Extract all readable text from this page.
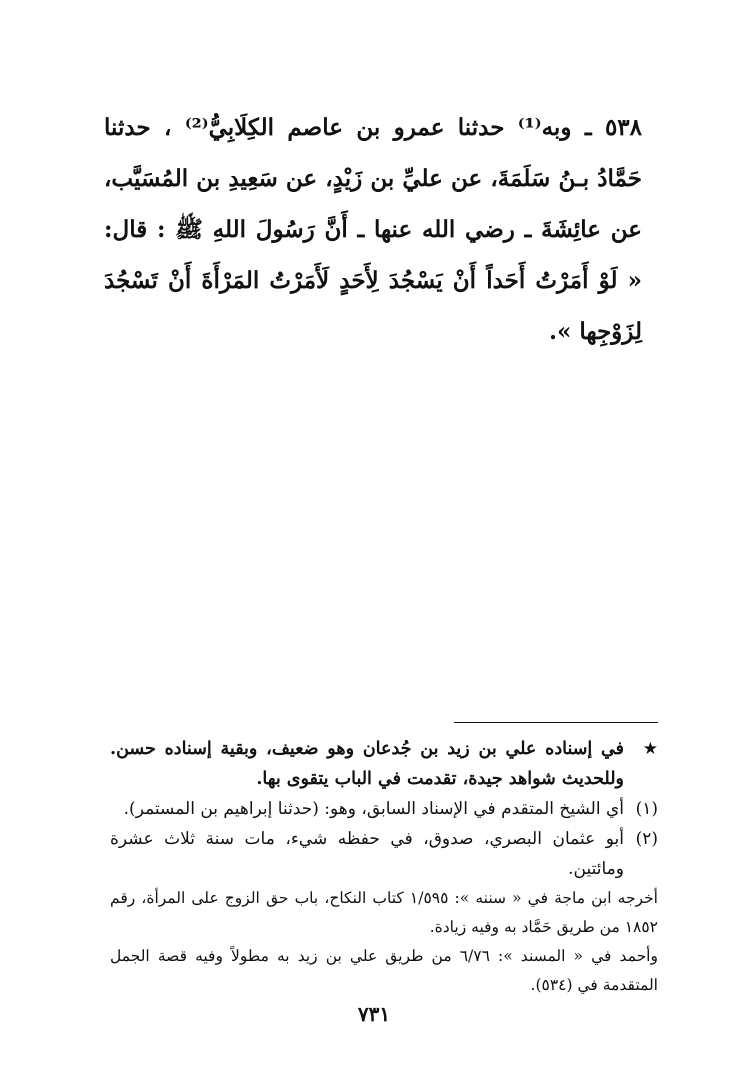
٥٣٨ ـ وبه⁽¹⁾ حدثنا عمرو بن عاصم الكِلَابِيُّ⁽²⁾ ، حدثنا حَمَّادُ بـنُ سَلَمَةَ، عن عليِّ بن زَيْدٍ، عن سَعِيدِ بن المُسَيَّب، عن عائِشَةَ ـ رضي الله عنها ـ أَنَّ رَسُولَ اللهِ ﷺ : قال: « لَوْ أَمَرْتُ أَحَداً أَنْ يَسْجُدَ لِأَحَدٍ لَأَمَرْتُ المَرْأَةَ أَنْ تَسْجُدَ لِزَوْجِها ».

★

في إسناده علي بن زيد بن جُدعان وهو ضعيف، وبقية إسناده حسن. وللحديث شواهد جيدة، تقدمت في الباب يتقوى بها.

(١)

أي الشيخ المتقدم في الإسناد السابق، وهو: (حدثنا إبراهيم بن المستمر).

(٢)

أبو عثمان البصري، صدوق، في حفظه شيء، مات سنة ثلاث عشرة ومائتين.

أخرجه ابن ماجة في « سننه »: ١/٥٩٥ كتاب النكاح، باب حق الزوج على المرأة، رقم ١٨٥٢ من طريق حَمَّاد به وفيه زيادة.

وأحمد في « المسند »: ٦/٧٦ من طريق علي بن زيد به مطولاً وفيه قصة الجمل المتقدمة في (٥٣٤).

٧٣١
